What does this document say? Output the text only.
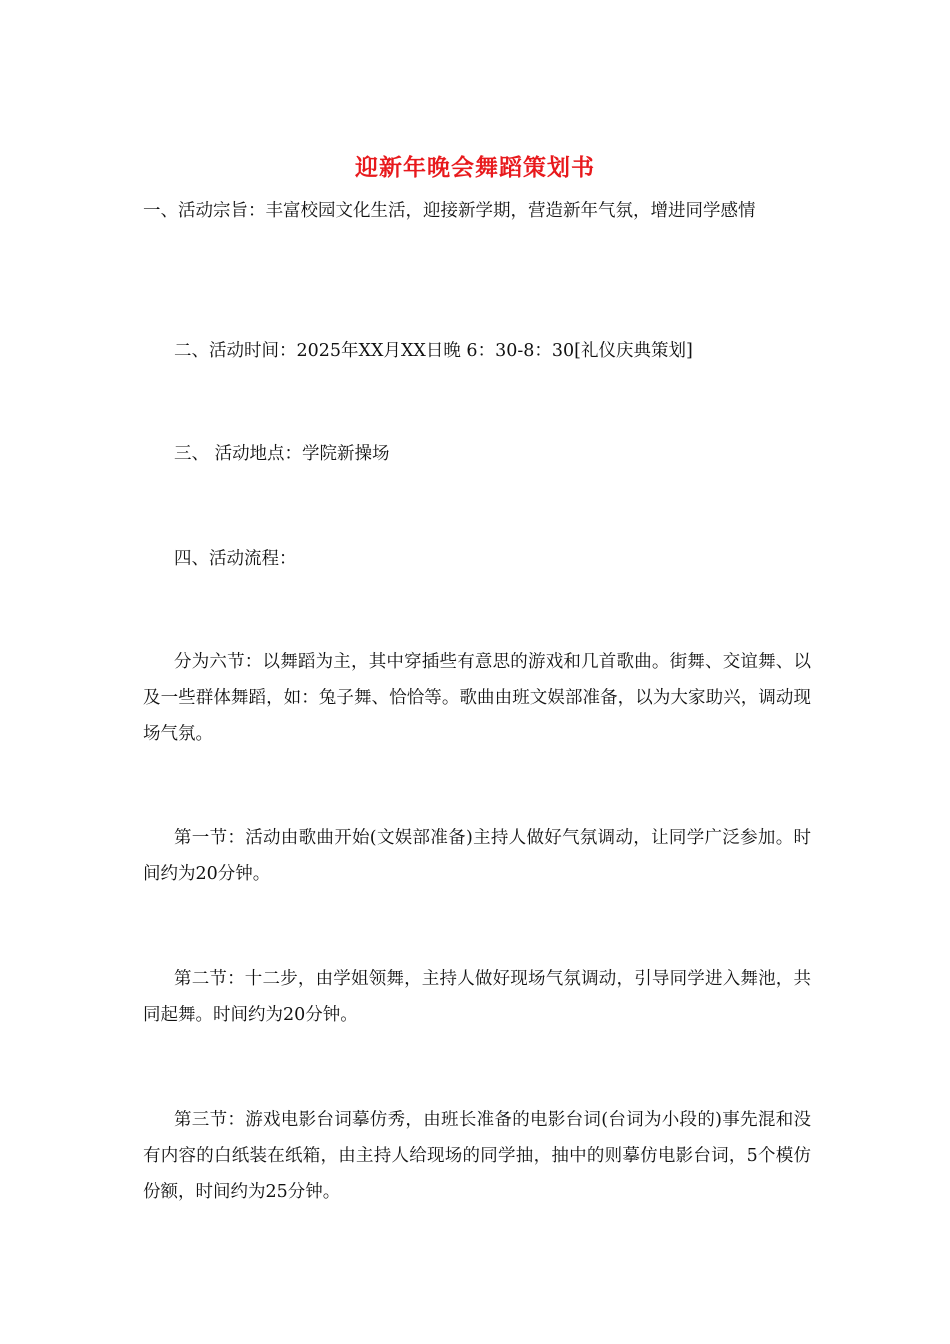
迎新年晚会舞蹈策划书

一、活动宗旨：丰富校园文化生活，迎接新学期，营造新年气氛，增进同学感情

二、活动时间：2025年XX月XX日晚 6：30-8：30[礼仪庆典策划]

三、 活动地点：学院新操场

四、活动流程：

分为六节：以舞蹈为主，其中穿插些有意思的游戏和几首歌曲。街舞、交谊舞、以及一些群体舞蹈，如：兔子舞、恰恰等。歌曲由班文娱部准备，以为大家助兴，调动现场气氛。

第一节：活动由歌曲开始(文娱部准备)主持人做好气氛调动，让同学广泛参加。时间约为20分钟。

第二节：十二步，由学姐领舞，主持人做好现场气氛调动，引导同学进入舞池，共同起舞。时间约为20分钟。

第三节：游戏电影台词摹仿秀，由班长准备的电影台词(台词为小段的)事先混和没有内容的白纸装在纸箱，由主持人给现场的同学抽，抽中的则摹仿电影台词，5个模仿份额，时间约为25分钟。
